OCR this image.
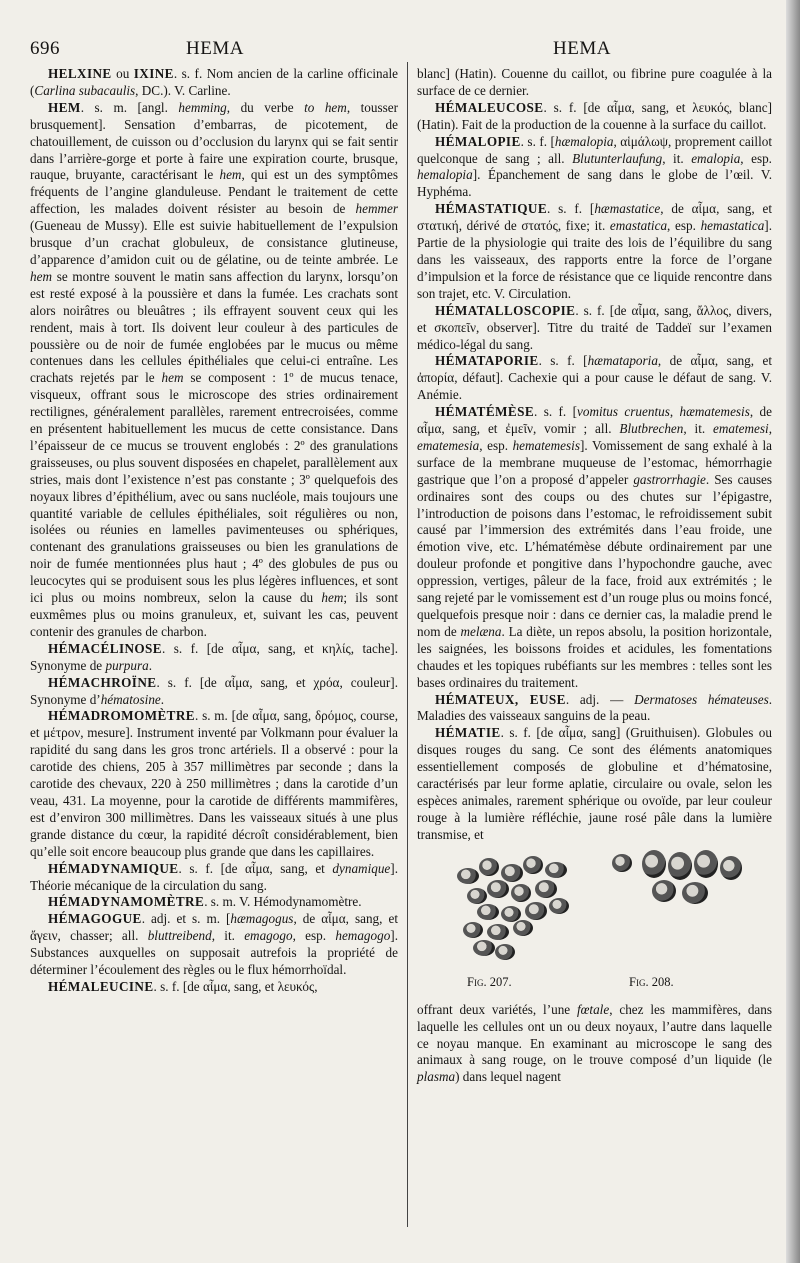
696	HEMA	HEMA

HELXINE ou IXINE. s. f. Nom ancien de la carline officinale (Carlina subacaulis, DC.). V. Carline.

HEM. s. m. [angl. hemming, du verbe to hem, tousser brusquement]. Sensation d’embarras, de picotement, de chatouillement, de cuisson ou d’occlusion du larynx qui se fait sentir dans l’arrière-gorge et porte à faire une expiration courte, brusque, rauque, bruyante, caractérisant le hem, qui est un des symptômes fréquents de l’angine glanduleuse. Pendant le traitement de cette affection, les malades doivent résister au besoin de hemmer (Gueneau de Mussy). Elle est suivie habituellement de l’expulsion brusque d’un crachat globuleux, de consistance glutineuse, d’apparence d’amidon cuit ou de gélatine, ou de teinte ambrée. Le hem se montre souvent le matin sans affection du larynx, lorsqu’on est resté exposé à la poussière et dans la fumée. Les crachats sont alors noirâtres ou bleuâtres ; ils effrayent souvent ceux qui les rendent, mais à tort. Ils doivent leur couleur à des particules de poussière ou de noir de fumée englobées par le mucus ou même contenues dans les cellules épithéliales que celui-ci entraîne. Les crachats rejetés par le hem se composent : 1º de mucus tenace, visqueux, offrant sous le microscope des stries ordinairement rectilignes, généralement parallèles, rarement entrecroisées, comme en présentent habituellement les mucus de cette consistance. Dans l’épaisseur de ce mucus se trouvent englobés : 2º des granulations graisseuses, ou plus souvent disposées en chapelet, parallèlement aux stries, mais dont l’existence n’est pas constante ; 3º quelquefois des noyaux libres d’épithélium, avec ou sans nucléole, mais toujours une quantité variable de cellules épithéliales, soit régulières ou non, isolées ou réunies en lamelles pavimenteuses ou sphériques, contenant des granulations graisseuses ou bien les granulations de noir de fumée mentionnées plus haut ; 4º des globules de pus ou leucocytes qui se produisent sous les plus légères influences, et sont ici plus ou moins nombreux, selon la cause du hem; ils sont euxmêmes plus ou moins granuleux, et, suivant les cas, peuvent contenir des granules de charbon.

HÉMACÉLINOSE. s. f. [de αἷμα, sang, et κηλίς, tache]. Synonyme de purpura.

HÉMACHROÏNE. s. f. [de αἷμα, sang, et χρόα, couleur]. Synonyme d’hématosine.

HÉMADROMOMÈTRE. s. m. [de αἷμα, sang, δρόμος, course, et μέτρον, mesure]. Instrument inventé par Volkmann pour évaluer la rapidité du sang dans les gros tronc artériels. Il a observé : pour la carotide des chiens, 205 à 357 millimètres par seconde ; dans la carotide des chevaux, 220 à 250 millimètres ; dans la carotide d’un veau, 431. La moyenne, pour la carotide de différents mammifères, est d’environ 300 millimètres. Dans les vaisseaux situés à une plus grande distance du cœur, la rapidité décroît considérablement, bien qu’elle soit encore beaucoup plus grande que dans les capillaires.

HÉMADYNAMIQUE. s. f. [de αἷμα, sang, et dynamique]. Théorie mécanique de la circulation du sang.

HÉMADYNAMOMÈTRE. s. m. V. Hémodynamomètre.

HÉMAGOGUE. adj. et s. m. [hæmagogus, de αἷμα, sang, et ἄγειν, chasser; all. bluttreibend, it. emagogo, esp. hemagogo]. Substances auxquelles on supposait autrefois la propriété de déterminer l’écoulement des règles ou le flux hémorrhoïdal.

HÉMALEUCINE. s. f. [de αἷμα, sang, et λευκός,

blanc] (Hatin). Couenne du caillot, ou fibrine pure coagulée à la surface de ce dernier.

HÉMALEUCOSE. s. f. [de αἷμα, sang, et λευκός, blanc] (Hatin). Fait de la production de la couenne à la surface du caillot.

HÉMALOPIE. s. f. [hæmalopia, αἱμάλωψ, proprement caillot quelconque de sang ; all. Blutunterlaufung, it. emalopia, esp. hemalopia]. Épanchement de sang dans le globe de l’œil. V. Hyphéma.

HÉMASTATIQUE. s. f. [hæmastatice, de αἷμα, sang, et στατική, dérivé de στατός, fixe; it. emastatica, esp. hemastatica]. Partie de la physiologie qui traite des lois de l’équilibre du sang dans les vaisseaux, des rapports entre la force de l’organe d’impulsion et la force de résistance que ce liquide rencontre dans son trajet, etc. V. Circulation.

HÉMATALLOSCOPIE. s. f. [de αἷμα, sang, ἄλλος, divers, et σκοπεῖν, observer]. Titre du traité de Taddeï sur l’examen médico-légal du sang.

HÉMATAPORIE. s. f. [hæmataporia, de αἷμα, sang, et ἀπορία, défaut]. Cachexie qui a pour cause le défaut de sang. V. Anémie.

HÉMATÉMÈSE. s. f. [vomitus cruentus, hæmatemesis, de αἷμα, sang, et ἐμεῖν, vomir ; all. Blutbrechen, it. ematemesi, ematemesia, esp. hematemesis]. Vomissement de sang exhalé à la surface de la membrane muqueuse de l’estomac, hémorrhagie gastrique que l’on a proposé d’appeler gastrorrhagie. Ses causes ordinaires sont des coups ou des chutes sur l’épigastre, l’introduction de poisons dans l’estomac, le refroidissement subit causé par l’immersion des extrémités dans l’eau froide, une émotion vive, etc. L’hématémèse débute ordinairement par une douleur profonde et pongitive dans l’hypochondre gauche, avec oppression, vertiges, pâleur de la face, froid aux extrémités ; le sang rejeté par le vomissement est d’un rouge plus ou moins foncé, quelquefois presque noir : dans ce dernier cas, la maladie prend le nom de melæna. La diète, un repos absolu, la position horizontale, les saignées, les boissons froides et acidules, les fomentations chaudes et les topiques rubéfiants sur les membres : telles sont les bases ordinaires du traitement.

HÉMATEUX, EUSE. adj. — Dermatoses hémateuses. Maladies des vaisseaux sanguins de la peau.

HÉMATIE. s. f. [de αἷμα, sang] (Gruithuisen). Globules ou disques rouges du sang. Ce sont des éléments anatomiques essentiellement composés de globuline et d’hématosine, caractérisés par leur forme aplatie, circulaire ou ovale, selon les espèces animales, rarement sphérique ou ovoïde, par leur couleur rouge à la lumière réfléchie, jaune rosé pâle dans la lumière transmise, et

Fig. 207.	Fig. 208.

offrant deux variétés, l’une fœtale, chez les mammifères, dans laquelle les cellules ont un ou deux noyaux, l’autre dans laquelle ce noyau manque. En examinant au microscope le sang des animaux à sang rouge, on le trouve composé d’un liquide (le plasma) dans lequel nagent
